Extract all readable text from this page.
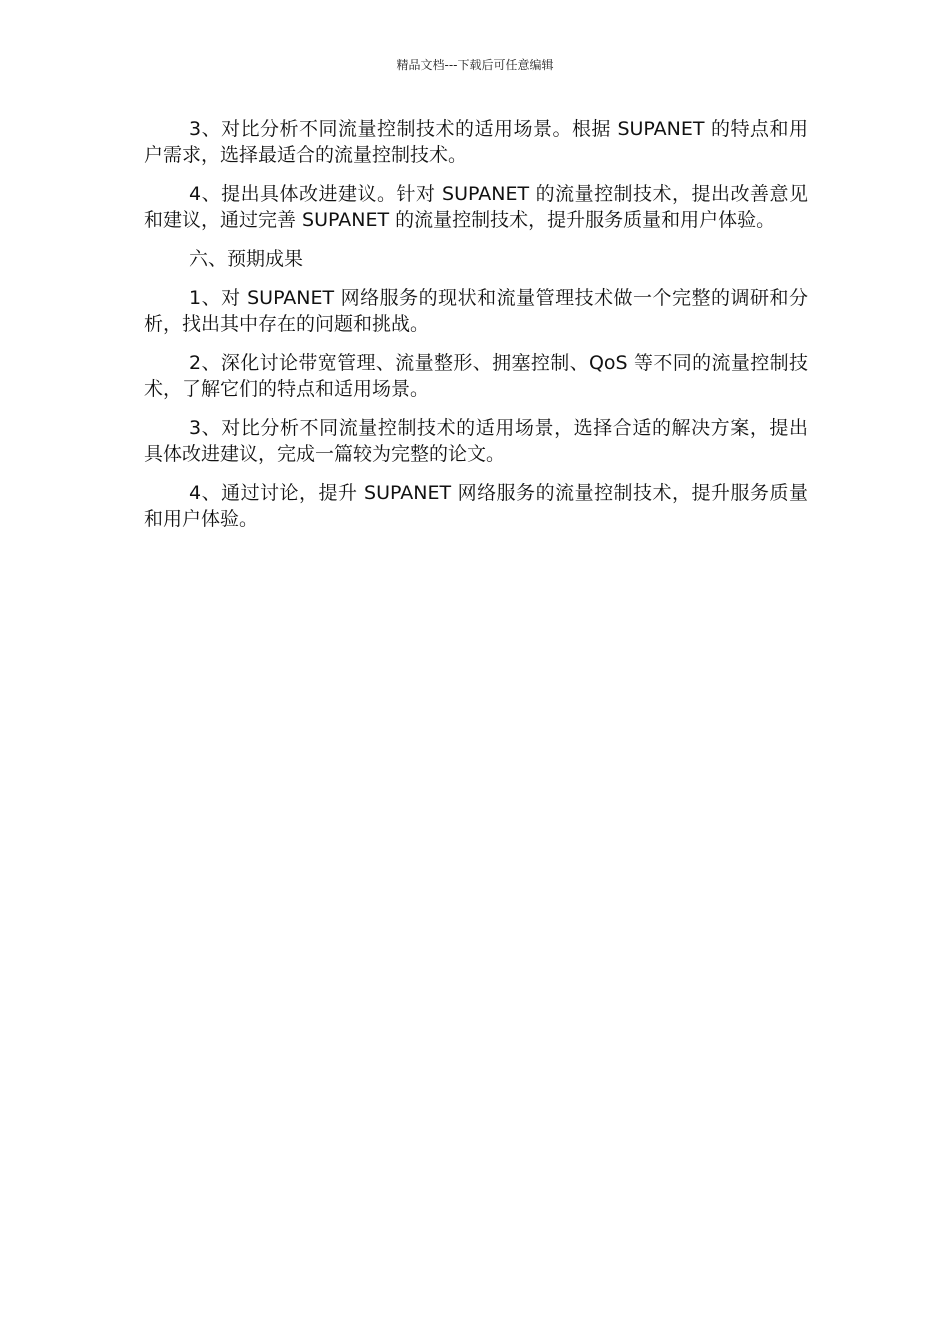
精品文档---下载后可任意编辑

3、对比分析不同流量控制技术的适用场景。根据 SUPANET 的特点和用户需求，选择最适合的流量控制技术。

4、提出具体改进建议。针对 SUPANET 的流量控制技术，提出改善意见和建议，通过完善 SUPANET 的流量控制技术，提升服务质量和用户体验。

六、预期成果

1、对 SUPANET 网络服务的现状和流量管理技术做一个完整的调研和分析，找出其中存在的问题和挑战。

2、深化讨论带宽管理、流量整形、拥塞控制、QoS 等不同的流量控制技术，了解它们的特点和适用场景。

3、对比分析不同流量控制技术的适用场景，选择合适的解决方案，提出具体改进建议，完成一篇较为完整的论文。

4、通过讨论，提升 SUPANET 网络服务的流量控制技术，提升服务质量和用户体验。
